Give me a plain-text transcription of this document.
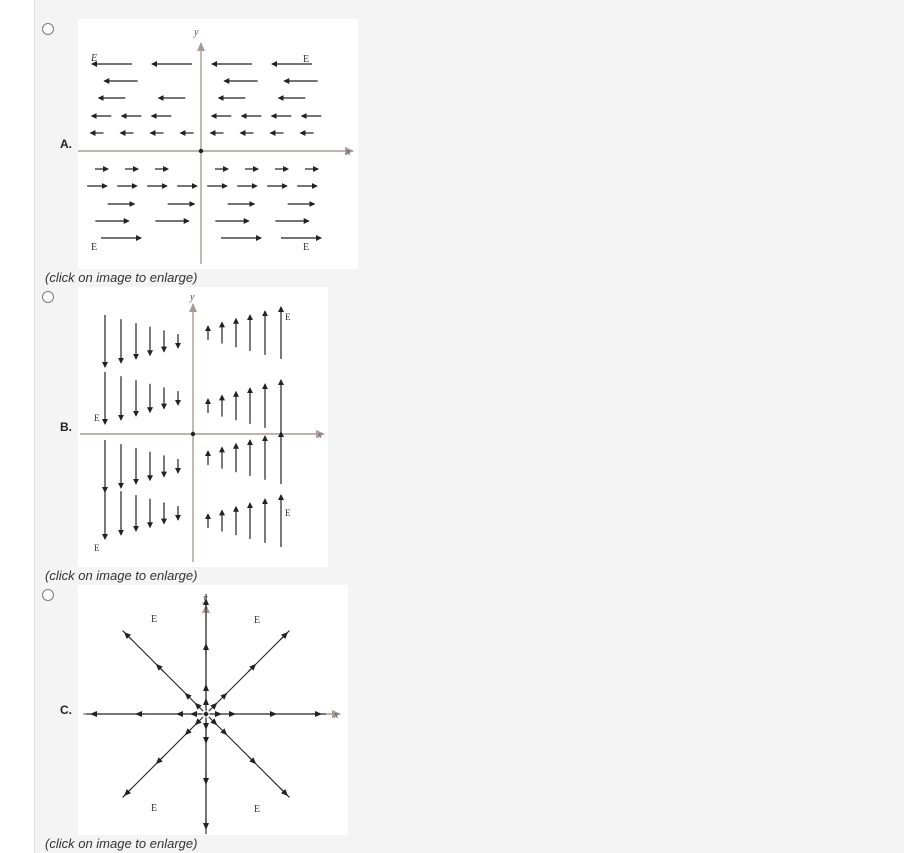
A.
y
x
E	E
E	E
(click on image to enlarge)
B.
y
x
E
E
E
E
(click on image to enlarge)
C.
y
x
E	E
E	E
(click on image to enlarge)
